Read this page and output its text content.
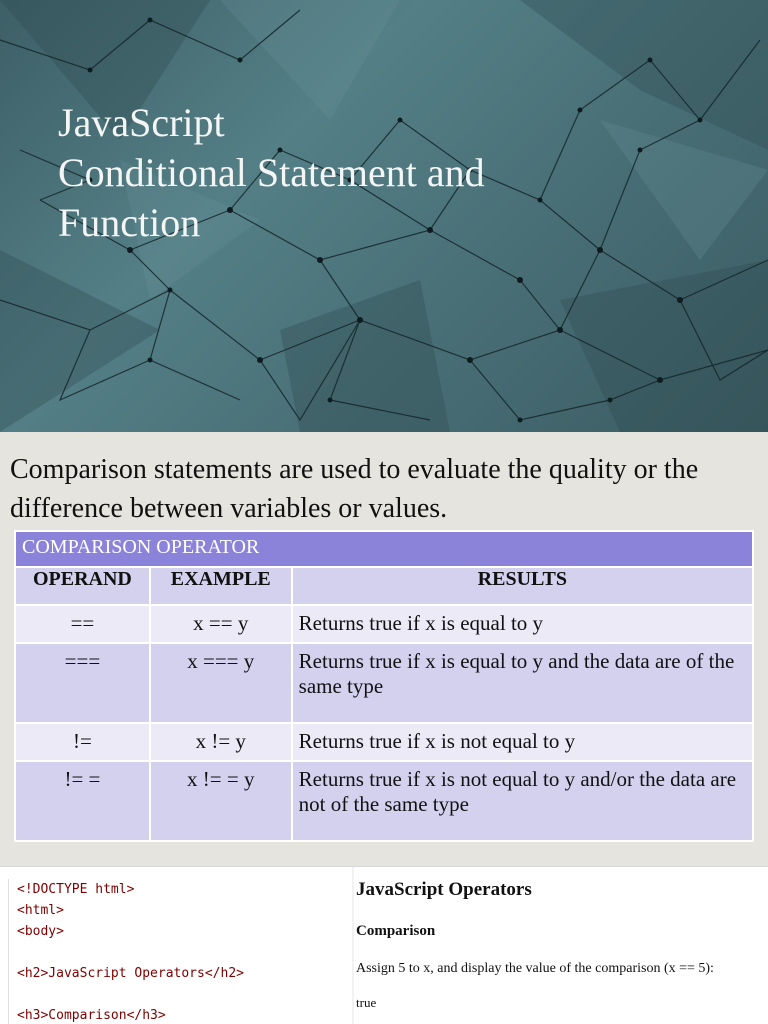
JavaScript
Conditional Statement and
Function

Comparison statements are used to evaluate the quality or the difference between variables or values.

COMPARISON OPERATOR		
OPERAND	EXAMPLE	RESULTS
==	x == y	Returns true if x is equal to y
===	x === y	Returns true if x is equal to y and the data are of the same type
!=	x != y	Returns true if x is not equal to y
!= =	x != = y	Returns true if x is not equal to y and/or the data are not of the same type
<!DOCTYPE html>
<html>
<body>
<h2>JavaScript Operators</h2>
<h3>Comparison</h3>
JavaScript Operators
Comparison
Assign 5 to x, and display the value of the comparison (x == 5):
true
